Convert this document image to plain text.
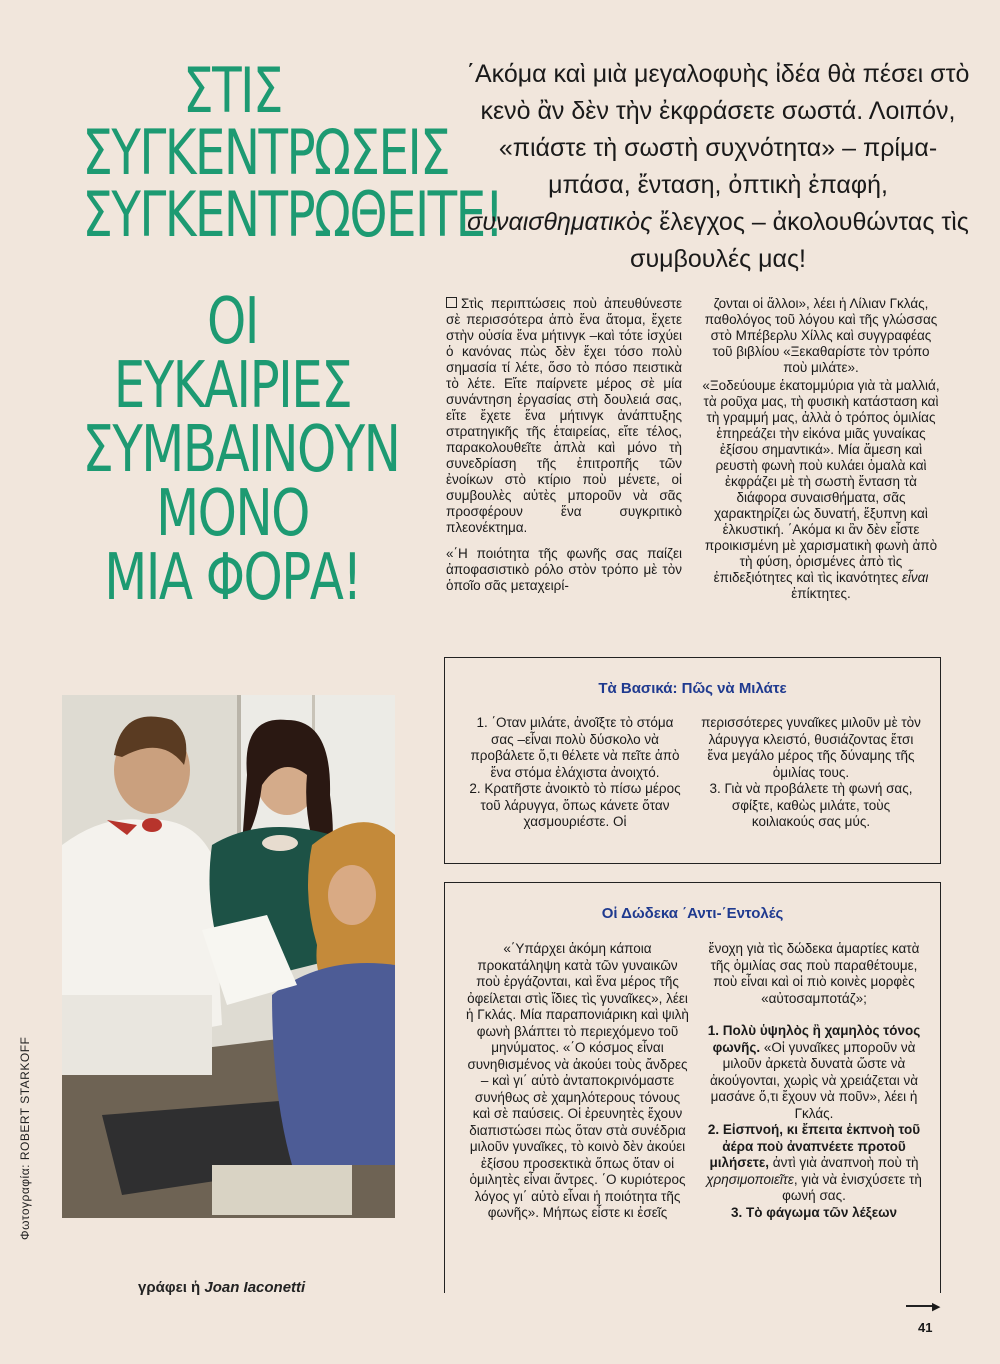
ΣΤΙΣ
ΣΥΓΚΕΝΤΡΩΣΕΙΣ
ΣΥΓΚΕΝΤΡΩΘΕΙΤΕ!
ΟΙ ΕΥΚΑΙΡΙΕΣ
ΣΥΜΒΑΙΝΟΥΝ
ΜΟΝΟ
ΜΙΑ ΦΟΡΑ!

΄Ακόμα καὶ μιὰ μεγαλοφυὴς ἰδέα θὰ πέσει στὸ κενὸ ἂν δὲν τὴν ἐκφράσετε σωστά. Λοιπόν, «πιάστε τὴ σωστὴ συχνότητα» – πρίμα-μπάσα, ἔνταση, ὀπτικὴ ἐπαφή, συναισθηματικὸς ἔλεγχος – ἀκολουθώντας τὶς συμβουλές μας!

Στὶς περιπτώσεις ποὺ ἀπευθύνεστε σὲ περισσότερα ἀπὸ ἕνα ἄτομα, ἔχετε στὴν οὐσία ἕνα μήτινγκ –καὶ τότε ἰσχύει ὁ κανόνας πὼς δὲν ἔχει τόσο πολὺ σημασία τί λέτε, ὅσο τὸ πόσο πειστικὰ τὸ λέτε. Εἴτε παίρνετε μέρος σὲ μία συνάντηση ἐργασίας στὴ δουλειά σας, εἴτε ἔχετε ἕνα μήτινγκ ἀνάπτυξης στρατηγικῆς τῆς ἑταιρείας, εἴτε τέλος, παρακολουθεῖτε ἁπλὰ καὶ μόνο τὴ συνεδρίαση τῆς ἐπιτροπῆς τῶν ἐνοίκων στὸ κτίριο ποὺ μένετε, οἱ συμβουλὲς αὐτὲς μποροῦν νὰ σᾶς προσφέρουν ἕνα συγκριτικὸ πλεονέκτημα.

«΄Η ποιότητα τῆς φωνῆς σας παίζει ἀποφασιστικὸ ρόλο στὸν τρόπο μὲ τὸν ὁποῖο σᾶς μεταχειρί-

ζονται οἱ ἄλλοι», λέει ἡ Λίλιαν Γκλάς, παθολόγος τοῦ λόγου καὶ τῆς γλώσσας στὸ Μπέβερλυ Χίλλς καὶ συγγραφέας τοῦ βιβλίου «Ξεκαθαρίστε τὸν τρόπο ποὺ μιλάτε».

«Ξοδεύουμε ἑκατομμύρια γιὰ τὰ μαλλιά, τὰ ροῦχα μας, τὴ φυσικὴ κατάσταση καὶ τὴ γραμμή μας, ἀλλὰ ὁ τρόπος ὁμιλίας ἐπηρεάζει τὴν εἰκόνα μιᾶς γυναίκας ἐξίσου σημαντικά». Μία ἄμεση καὶ ρευστὴ φωνὴ ποὺ κυλάει ὁμαλὰ καὶ ἐκφράζει μὲ τὴ σωστὴ ἔνταση τὰ διάφορα συναισθήματα, σᾶς χαρακτηρίζει ὡς δυνατή, ἔξυπνη καὶ ἑλκυστική. ΄Ακόμα κι ἂν δὲν εἶστε προικισμένη μὲ χαρισματικὴ φωνὴ ἀπὸ τὴ φύση, ὁρισμένες ἀπὸ τὶς ἐπιδεξιότητες καὶ τὶς ἱκανότητες εἶναι ἐπίκτητες.

Τὰ Βασικά: Πῶς νὰ Μιλάτε

1. ΄Οταν μιλάτε, ἀνοῖξτε τὸ στόμα σας –εἶναι πολὺ δύσκολο νὰ προβάλετε ὅ,τι θέλετε νὰ πεῖτε ἀπὸ ἕνα στόμα ἐλάχιστα ἀνοιχτό.

2. Κρατῆστε ἀνοικτὸ τὸ πίσω μέρος τοῦ λάρυγγα, ὅπως κάνετε ὅταν χασμουριέστε. Οἱ

περισσότερες γυναῖκες μιλοῦν μὲ τὸν λάρυγγα κλειστό, θυσιάζοντας ἔτσι ἕνα μεγάλο μέρος τῆς δύναμης τῆς ὁμιλίας τους.

3. Γιὰ νὰ προβάλετε τὴ φωνή σας, σφίξτε, καθὼς μιλάτε, τοὺς κοιλιακούς σας μύς.

Οἱ Δώδεκα ΄Αντι-΄Εντολές

«΄Υπάρχει ἀκόμη κάποια προκατάληψη κατὰ τῶν γυναικῶν ποὺ ἐργάζονται, καὶ ἕνα μέρος τῆς ὀφείλεται στὶς ἴδιες τὶς γυναῖκες», λέει ἡ Γκλάς. Μία παραπονιάρικη καὶ ψιλὴ φωνὴ βλάπτει τὸ περιεχόμενο τοῦ μηνύματος. «΄Ο κόσμος εἶναι συνηθισμένος νὰ ἀκούει τοὺς ἄνδρες – καὶ γι΄ αὐτὸ ἀνταποκρινόμαστε συνήθως σὲ χαμηλότερους τόνους καὶ σὲ παύσεις. Οἱ ἐρευνητὲς ἔχουν διαπιστώσει πὼς ὅταν στὰ συνέδρια μιλοῦν γυναῖκες, τὸ κοινὸ δὲν ἀκούει ἐξίσου προσεκτικὰ ὅπως ὅταν οἱ ὁμιλητὲς εἶναι ἄντρες. ΄Ο κυριότερος λόγος γι΄ αὐτὸ εἶναι ἡ ποιότητα τῆς φωνῆς». Μήπως εἶστε κι ἐσεῖς

ἔνοχη γιὰ τὶς δώδεκα ἁμαρτίες κατὰ τῆς ὁμιλίας σας ποὺ παραθέτουμε, ποὺ εἶναι καὶ οἱ πιὸ κοινὲς μορφὲς «αὐτοσαμποτάζ»;

1. Πολὺ ὑψηλὸς ἢ χαμηλὸς τόνος φωνῆς. «Οἱ γυναῖκες μποροῦν νὰ μιλοῦν ἀρκετὰ δυνατὰ ὥστε νὰ ἀκούγονται, χωρὶς νὰ χρειάζεται νὰ μασάνε ὅ,τι ἔχουν νὰ ποῦν», λέει ἡ Γκλάς.

2. Εἰσπνοή, κι ἔπειτα ἐκπνοὴ τοῦ ἀέρα ποὺ ἀναπνέετε προτοῦ μιλήσετε, ἀντὶ γιὰ ἀναπνοὴ ποὺ τὴ χρησιμοποιεῖτε, γιὰ νὰ ἐνισχύσετε τὴ φωνή σας.

3. Τὸ φάγωμα τῶν λέξεων

Φωτογραφία: ROBERT STARKOFF
γράφει ἡ Joan Iaconetti
▶
41
